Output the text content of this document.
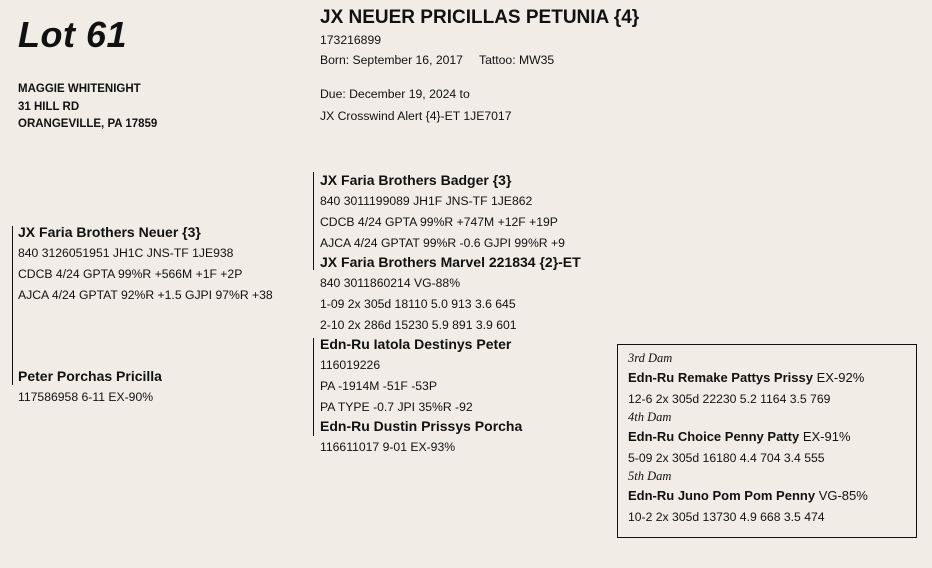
Lot 61
MAGGIE WHITENIGHT
31 HILL RD
ORANGEVILLE, PA 17859
JX NEUER PRICILLAS PETUNIA {4}
173216899
Born: September 16, 2017 Tattoo: MW35
Due: December 19, 2024 to
JX Crosswind Alert {4}-ET 1JE7017
JX Faria Brothers Neuer {3}
840 3126051951 JH1C JNS-TF 1JE938
CDCB 4/24 GPTA 99%R +566M +1F +2P
AJCA 4/24 GPTAT 92%R +1.5 GJPI 97%R +38
Peter Porchas Pricilla
117586958 6-11 EX-90%
JX Faria Brothers Badger {3}
840 3011199089 JH1F JNS-TF 1JE862
CDCB 4/24 GPTA 99%R +747M +12F +19P
AJCA 4/24 GPTAT 99%R -0.6 GJPI 99%R +9
JX Faria Brothers Marvel 221834 {2}-ET
840 3011860214 VG-88%
1-09 2x 305d 18110 5.0 913 3.6 645
2-10 2x 286d 15230 5.9 891 3.9 601
Edn-Ru Iatola Destinys Peter
116019226
PA -1914M -51F -53P
PA TYPE -0.7 JPI 35%R -92
Edn-Ru Dustin Prissys Porcha
116611017 9-01 EX-93%
3rd Dam
Edn-Ru Remake Pattys Prissy EX-92%
12-6 2x 305d 22230 5.2 1164 3.5 769
4th Dam
Edn-Ru Choice Penny Patty EX-91%
5-09 2x 305d 16180 4.4 704 3.4 555
5th Dam
Edn-Ru Juno Pom Pom Penny VG-85%
10-2 2x 305d 13730 4.9 668 3.5 474
